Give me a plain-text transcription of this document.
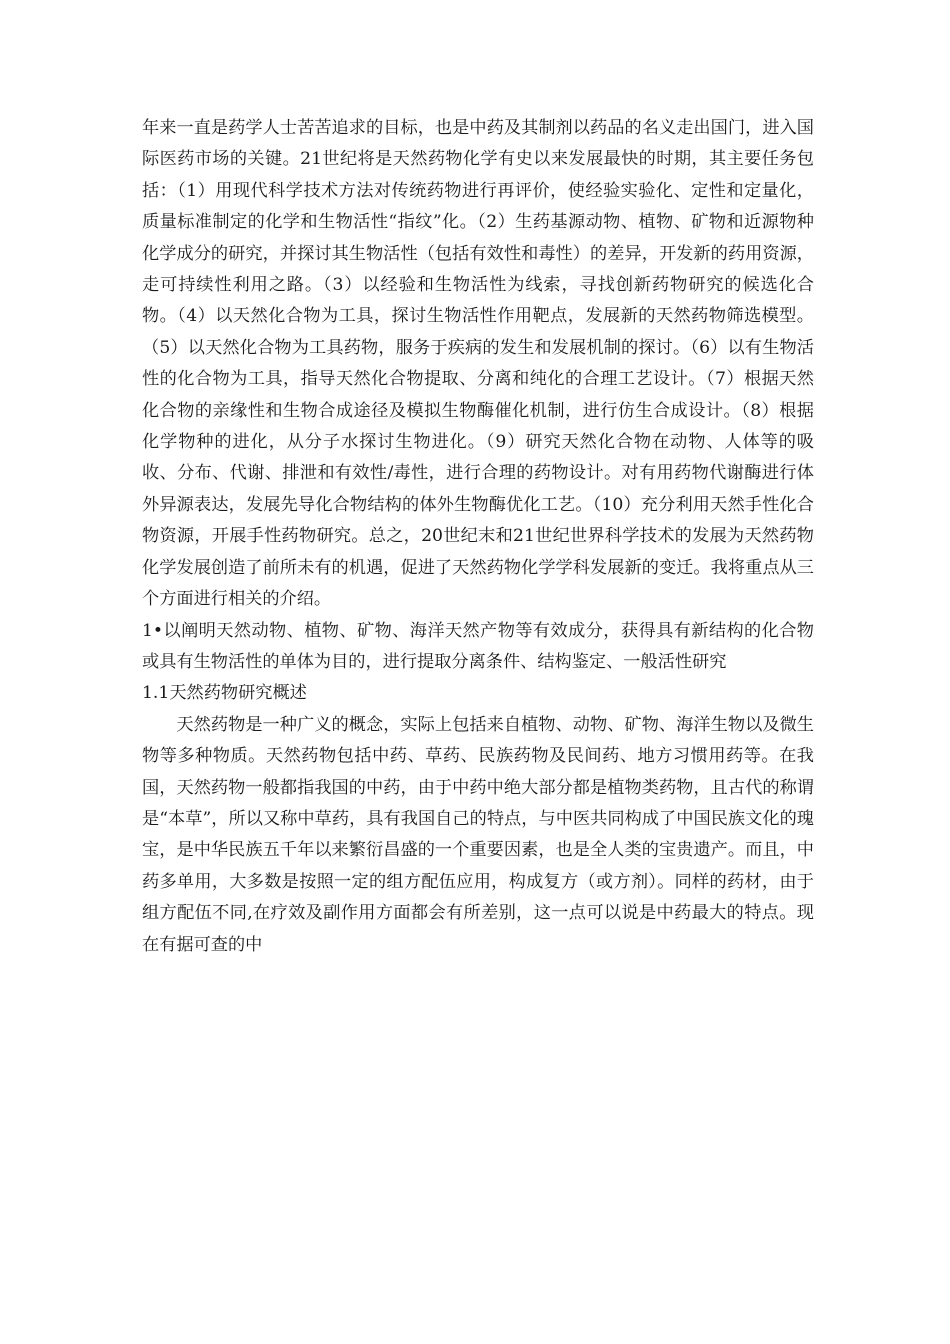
年来一直是药学人士苦苦追求的目标，也是中药及其制剂以药品的名义走出国门，进入国际医药市场的关键。21世纪将是天然药物化学有史以来发展最快的时期，其主要任务包括：（1）用现代科学技术方法对传统药物进行再评价，使经验实验化、定性和定量化，质量标准制定的化学和生物活性“指纹”化。（2）生药基源动物、植物、矿物和近源物种化学成分的研究，并探讨其生物活性（包括有效性和毒性）的差异，开发新的药用资源，走可持续性利用之路。（3）以经验和生物活性为线索，寻找创新药物研究的候选化合物。（4）以天然化合物为工具，探讨生物活性作用靶点，发展新的天然药物筛选模型。（5）以天然化合物为工具药物，服务于疾病的发生和发展机制的探讨。（6）以有生物活性的化合物为工具，指导天然化合物提取、分离和纯化的合理工艺设计。（7）根据天然化合物的亲缘性和生物合成途径及模拟生物酶催化机制，进行仿生合成设计。（8）根据化学物种的进化，从分子水探讨生物进化。（9）研究天然化合物在动物、人体等的吸收、分布、代谢、排泄和有效性/毒性，进行合理的药物设计。对有用药物代谢酶进行体外异源表达，发展先导化合物结构的体外生物酶优化工艺。（10）充分利用天然手性化合物资源，开展手性药物研究。总之，20世纪末和21世纪世界科学技术的发展为天然药物化学发展创造了前所未有的机遇，促进了天然药物化学学科发展新的变迁。我将重点从三个方面进行相关的介绍。

1•以阐明天然动物、植物、矿物、海洋天然产物等有效成分，获得具有新结构的化合物或具有生物活性的单体为目的，进行提取分离条件、结构鉴定、一般活性研究

1.1天然药物研究概述

天然药物是一种广义的概念，实际上包括来自植物、动物、矿物、海洋生物以及微生物等多种物质。天然药物包括中药、草药、民族药物及民间药、地方习惯用药等。在我国，天然药物一般都指我国的中药，由于中药中绝大部分都是植物类药物，且古代的称谓是“本草”，所以又称中草药，具有我国自己的特点，与中医共同构成了中国民族文化的瑰宝，是中华民族五千年以来繁衍昌盛的一个重要因素，也是全人类的宝贵遗产。而且，中药多单用，大多数是按照一定的组方配伍应用，构成复方（或方剂）。同样的药材，由于组方配伍不同,在疗效及副作用方面都会有所差别，这一点可以说是中药最大的特点。现在有据可查的中
